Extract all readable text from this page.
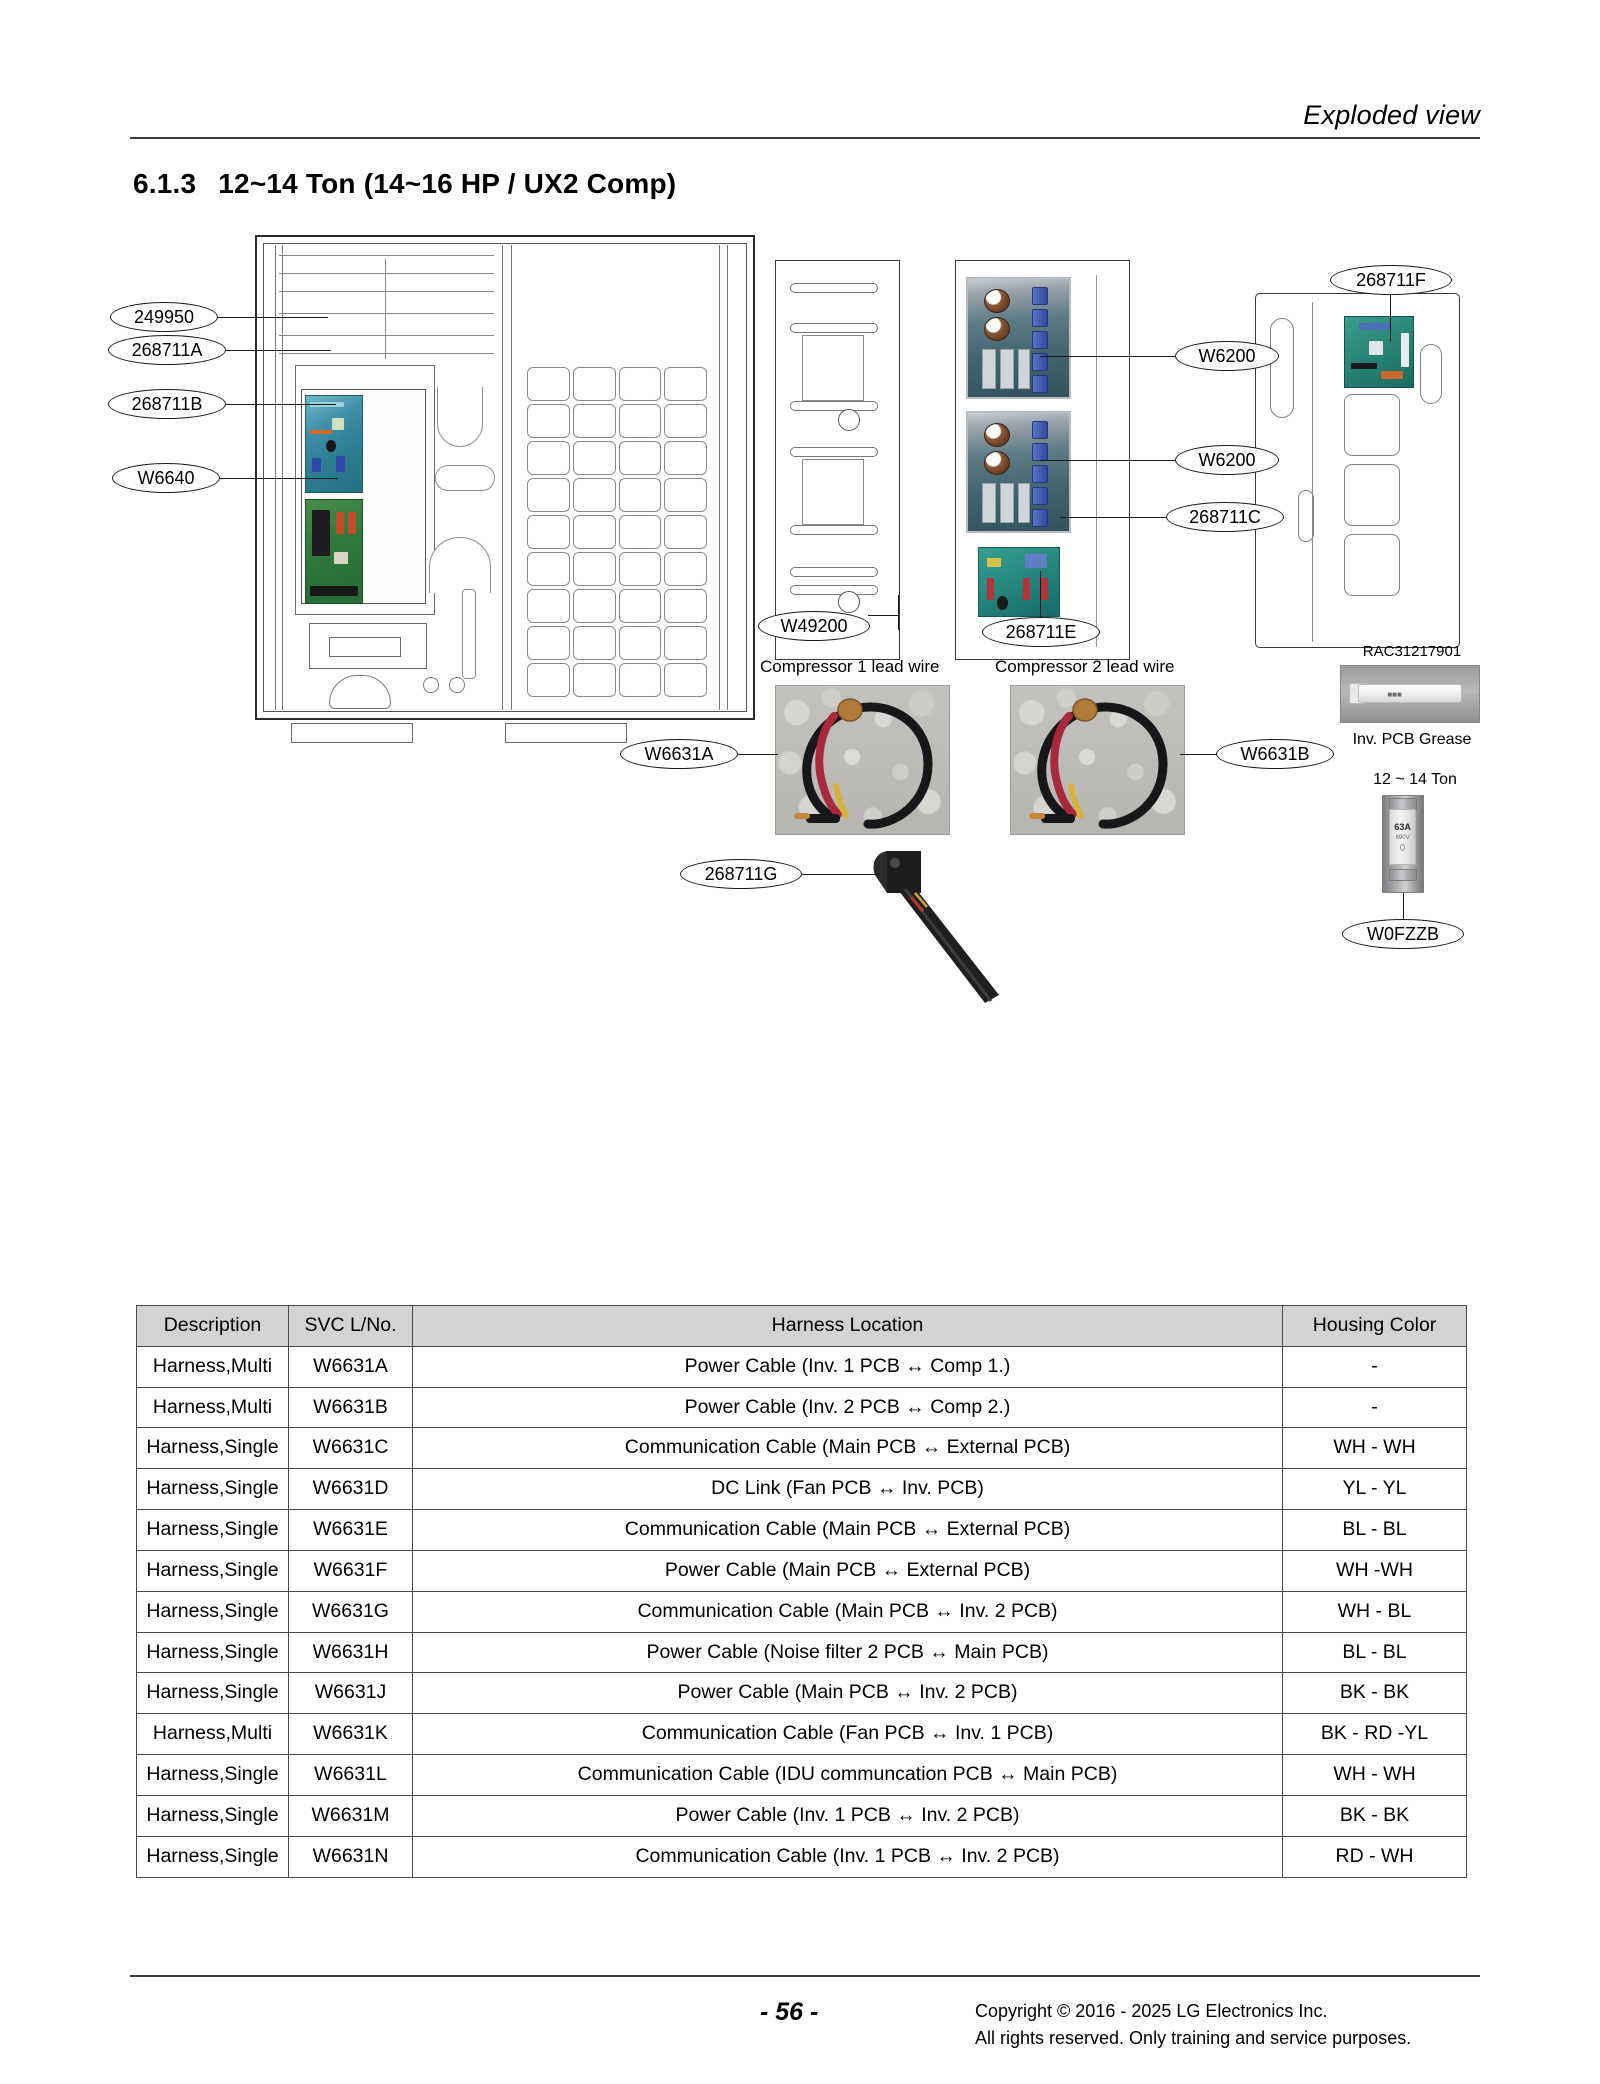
Exploded view
6.1.3 12~14 Ton (14~16 HP / UX2 Comp)
249950
268711A
268711B
W6640
W49200
W6200
W6200
268711C
268711E
268711F
Compressor 1 lead wire	Compressor 2 lead wire
W6631A	W6631B
RAC31217901
■■■
Inv. PCB Grease
12 ~ 14 Ton
63A
690V
W0FZZB
268711G
Description	SVC L/No.	Harness Location	Housing Color
Harness,Multi	W6631A	Power Cable (Inv. 1 PCB ↔ Comp 1.)	-
Harness,Multi	W6631B	Power Cable (Inv. 2 PCB ↔ Comp 2.)	-
Harness,Single	W6631C	Communication Cable (Main PCB ↔ External PCB)	WH - WH
Harness,Single	W6631D	DC Link (Fan PCB ↔ Inv. PCB)	YL - YL
Harness,Single	W6631E	Communication Cable (Main PCB ↔ External PCB)	BL - BL
Harness,Single	W6631F	Power Cable (Main PCB ↔ External PCB)	WH -WH
Harness,Single	W6631G	Communication Cable (Main PCB ↔ Inv. 2 PCB)	WH - BL
Harness,Single	W6631H	Power Cable (Noise filter 2 PCB ↔ Main PCB)	BL - BL
Harness,Single	W6631J	Power Cable (Main PCB ↔ Inv. 2 PCB)	BK - BK
Harness,Multi	W6631K	Communication Cable (Fan PCB ↔ Inv. 1 PCB)	BK - RD -YL
Harness,Single	W6631L	Communication Cable (IDU communcation PCB ↔ Main PCB)	WH - WH
Harness,Single	W6631M	Power Cable (Inv. 1 PCB ↔ Inv. 2 PCB)	BK - BK
Harness,Single	W6631N	Communication Cable (Inv. 1 PCB ↔ Inv. 2 PCB)	RD - WH
- 56 -	Copyright © 2016 - 2025 LG Electronics Inc.
All rights reserved. Only training and service purposes.
